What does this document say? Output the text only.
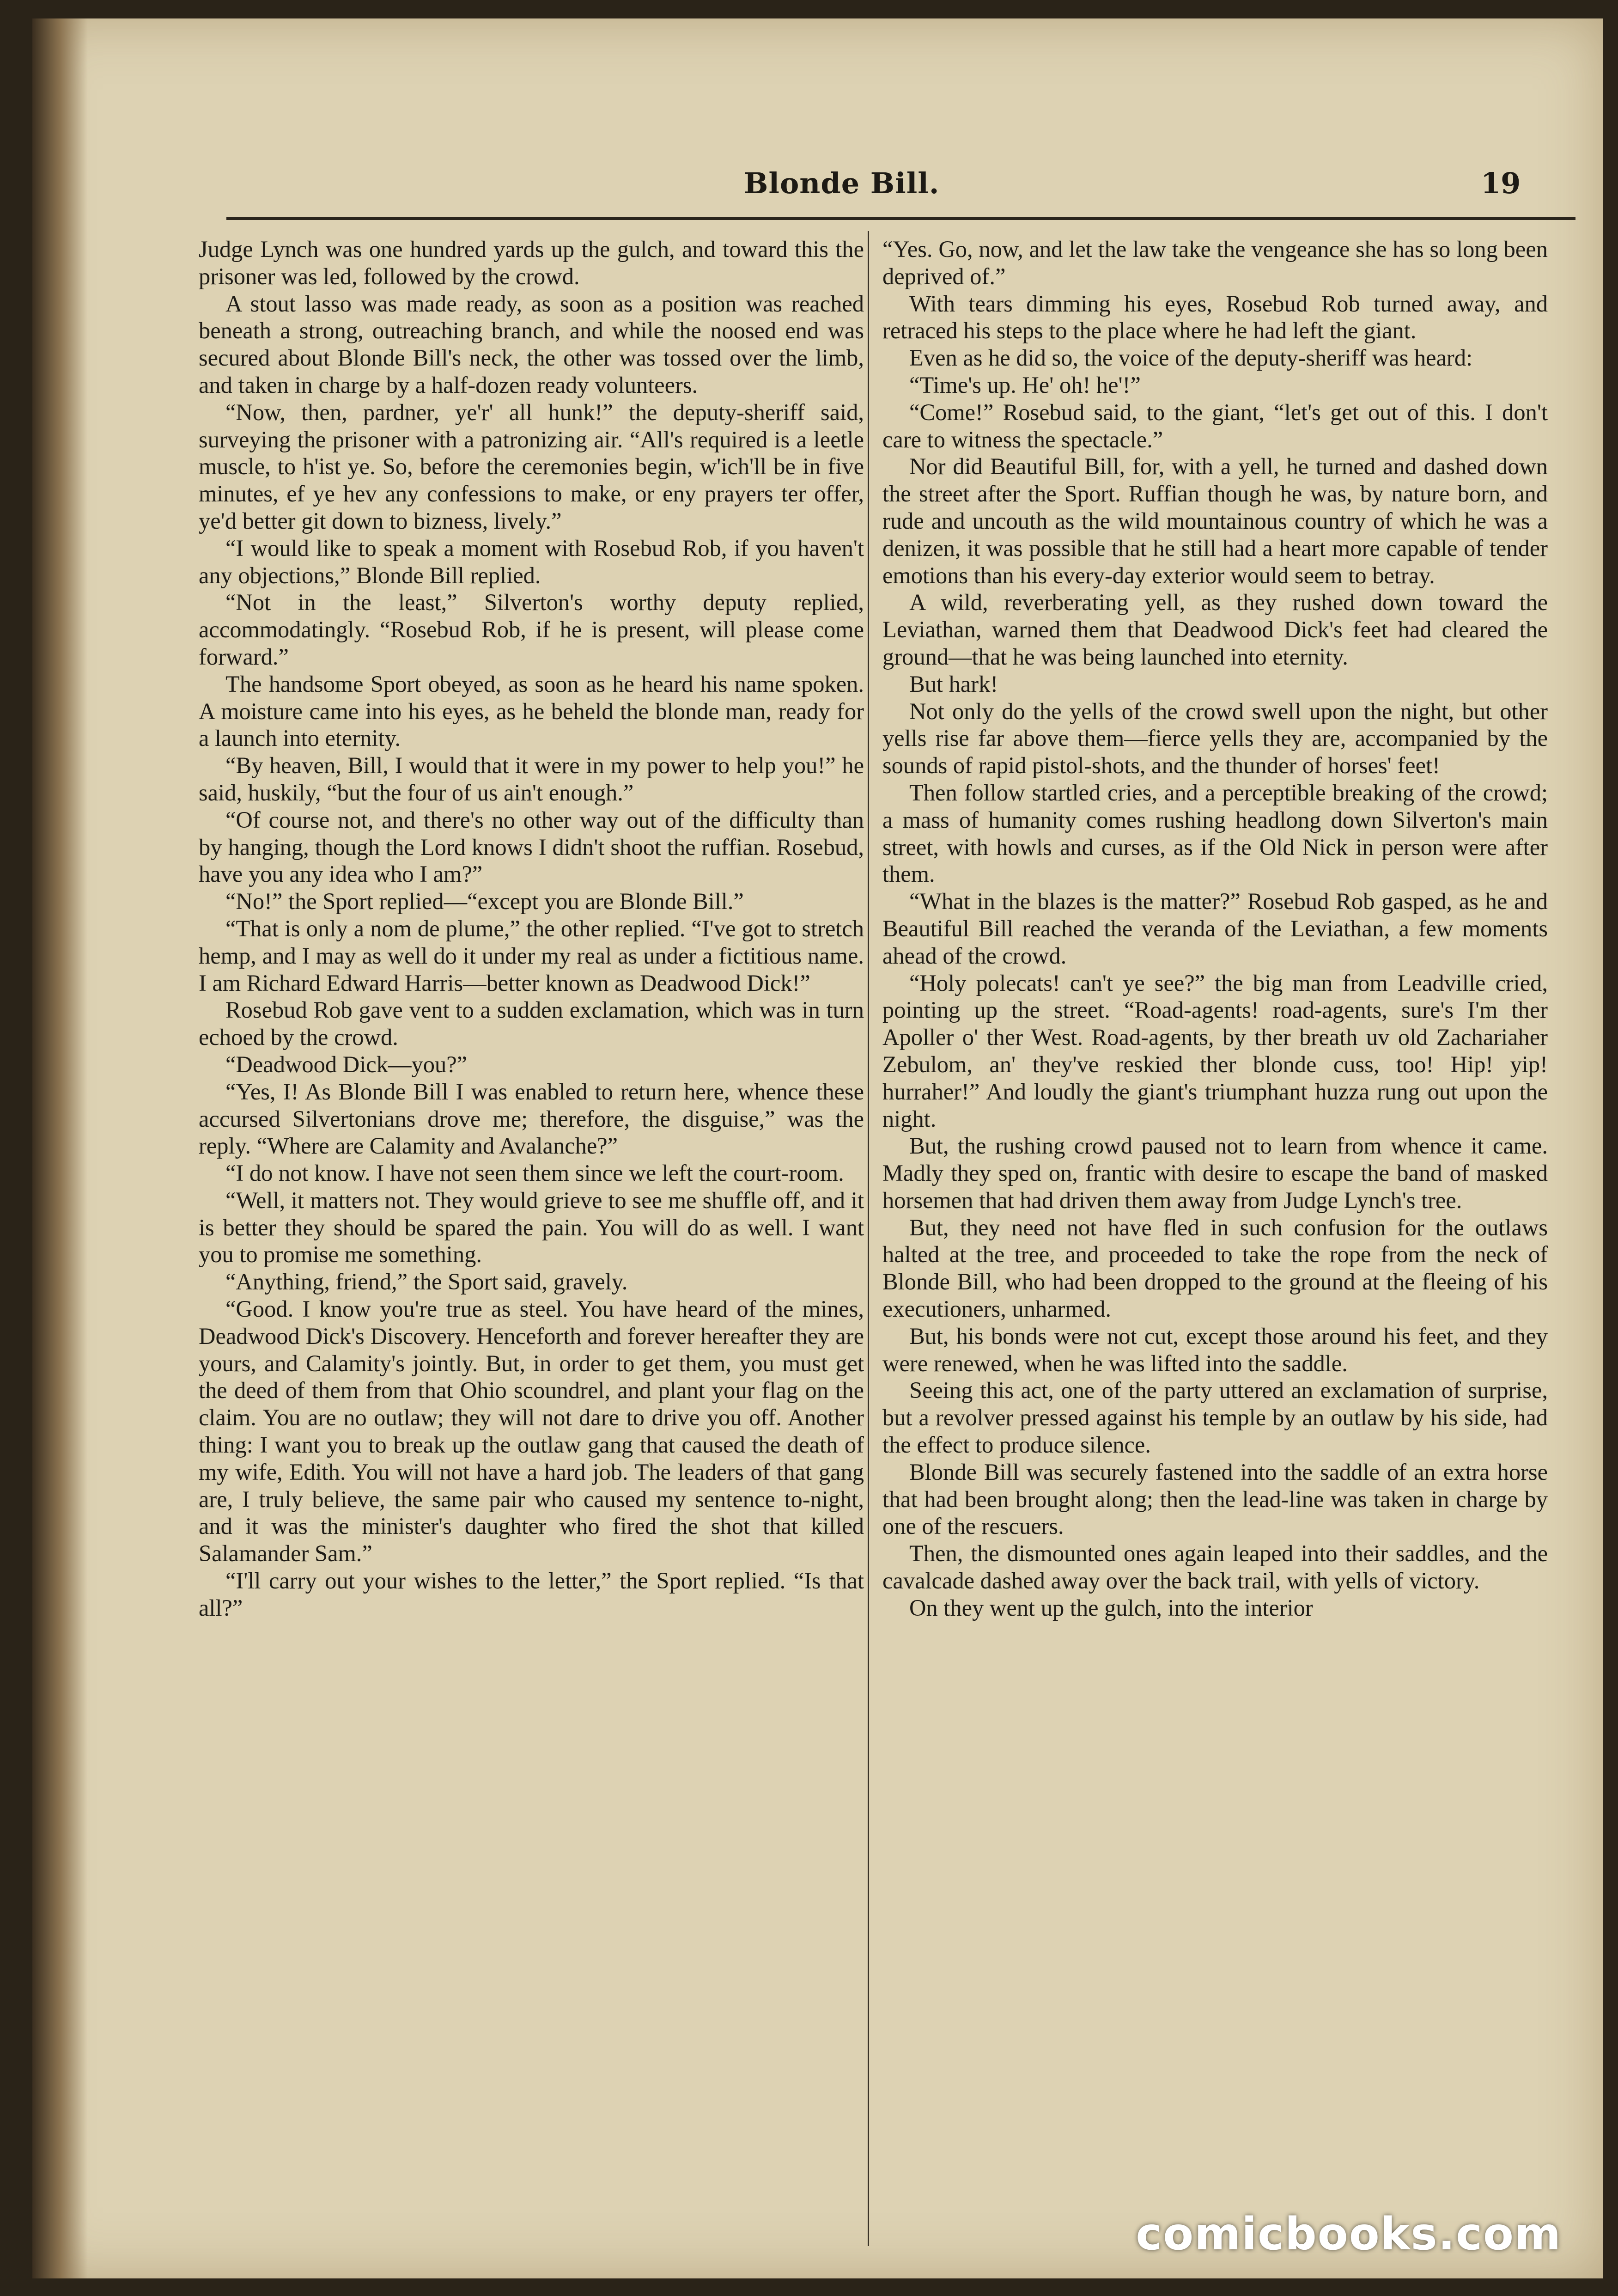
Blonde Bill.	19

Judge Lynch was one hundred yards up the gulch, and toward this the prisoner was led, followed by the crowd.

A stout lasso was made ready, as soon as a position was reached beneath a strong, outreaching branch, and while the noosed end was secured about Blonde Bill's neck, the other was tossed over the limb, and taken in charge by a half-dozen ready volunteers.

“Now, then, pardner, ye'r' all hunk!” the deputy-sheriff said, surveying the prisoner with a patronizing air. “All's required is a leetle muscle, to h'ist ye. So, before the ceremonies begin, w'ich'll be in five minutes, ef ye hev any confessions to make, or eny prayers ter offer, ye'd better git down to bizness, lively.”

“I would like to speak a moment with Rosebud Rob, if you haven't any objections,” Blonde Bill replied.

“Not in the least,” Silverton's worthy deputy replied, accommodatingly. “Rosebud Rob, if he is present, will please come forward.”

The handsome Sport obeyed, as soon as he heard his name spoken. A moisture came into his eyes, as he beheld the blonde man, ready for a launch into eternity.

“By heaven, Bill, I would that it were in my power to help you!” he said, huskily, “but the four of us ain't enough.”

“Of course not, and there's no other way out of the difficulty than by hanging, though the Lord knows I didn't shoot the ruffian. Rosebud, have you any idea who I am?”

“No!” the Sport replied—“except you are Blonde Bill.”

“That is only a nom de plume,” the other replied. “I've got to stretch hemp, and I may as well do it under my real as under a fictitious name. I am Richard Edward Harris—better known as Deadwood Dick!”

Rosebud Rob gave vent to a sudden exclamation, which was in turn echoed by the crowd.

“Deadwood Dick—you?”

“Yes, I! As Blonde Bill I was enabled to return here, whence these accursed Silvertonians drove me; therefore, the disguise,” was the reply. “Where are Calamity and Avalanche?”

“I do not know. I have not seen them since we left the court-room.

“Well, it matters not. They would grieve to see me shuffle off, and it is better they should be spared the pain. You will do as well. I want you to promise me something.

“Anything, friend,” the Sport said, gravely.

“Good. I know you're true as steel. You have heard of the mines, Deadwood Dick's Discovery. Henceforth and forever hereafter they are yours, and Calamity's jointly. But, in order to get them, you must get the deed of them from that Ohio scoundrel, and plant your flag on the claim. You are no outlaw; they will not dare to drive you off. Another thing: I want you to break up the outlaw gang that caused the death of my wife, Edith. You will not have a hard job. The leaders of that gang are, I truly believe, the same pair who caused my sentence to-night, and it was the minister's daughter who fired the shot that killed Salamander Sam.”

“I'll carry out your wishes to the letter,” the Sport replied. “Is that all?”

“Yes. Go, now, and let the law take the vengeance she has so long been deprived of.”

With tears dimming his eyes, Rosebud Rob turned away, and retraced his steps to the place where he had left the giant.

Even as he did so, the voice of the deputy-sheriff was heard:

“Time's up. He' oh! he'!”

“Come!” Rosebud said, to the giant, “let's get out of this. I don't care to witness the spectacle.”

Nor did Beautiful Bill, for, with a yell, he turned and dashed down the street after the Sport. Ruffian though he was, by nature born, and rude and uncouth as the wild mountainous country of which he was a denizen, it was possible that he still had a heart more capable of tender emotions than his every-day exterior would seem to betray.

A wild, reverberating yell, as they rushed down toward the Leviathan, warned them that Deadwood Dick's feet had cleared the ground—that he was being launched into eternity.

But hark!

Not only do the yells of the crowd swell upon the night, but other yells rise far above them—fierce yells they are, accompanied by the sounds of rapid pistol-shots, and the thunder of horses' feet!

Then follow startled cries, and a perceptible breaking of the crowd; a mass of humanity comes rushing headlong down Silverton's main street, with howls and curses, as if the Old Nick in person were after them.

“What in the blazes is the matter?” Rosebud Rob gasped, as he and Beautiful Bill reached the veranda of the Leviathan, a few moments ahead of the crowd.

“Holy polecats! can't ye see?” the big man from Leadville cried, pointing up the street. “Road-agents! road-agents, sure's I'm ther Apoller o' ther West. Road-agents, by ther breath uv old Zachariaher Zebulom, an' they've reskied ther blonde cuss, too! Hip! yip! hurraher!” And loudly the giant's triumphant huzza rung out upon the night.

But, the rushing crowd paused not to learn from whence it came. Madly they sped on, frantic with desire to escape the band of masked horsemen that had driven them away from Judge Lynch's tree.

But, they need not have fled in such confusion for the outlaws halted at the tree, and proceeded to take the rope from the neck of Blonde Bill, who had been dropped to the ground at the fleeing of his executioners, unharmed.

But, his bonds were not cut, except those around his feet, and they were renewed, when he was lifted into the saddle.

Seeing this act, one of the party uttered an exclamation of surprise, but a revolver pressed against his temple by an outlaw by his side, had the effect to produce silence.

Blonde Bill was securely fastened into the saddle of an extra horse that had been brought along; then the lead-line was taken in charge by one of the rescuers.

Then, the dismounted ones again leaped into their saddles, and the cavalcade dashed away over the back trail, with yells of victory.

On they went up the gulch, into the interior

comicbooks.com
